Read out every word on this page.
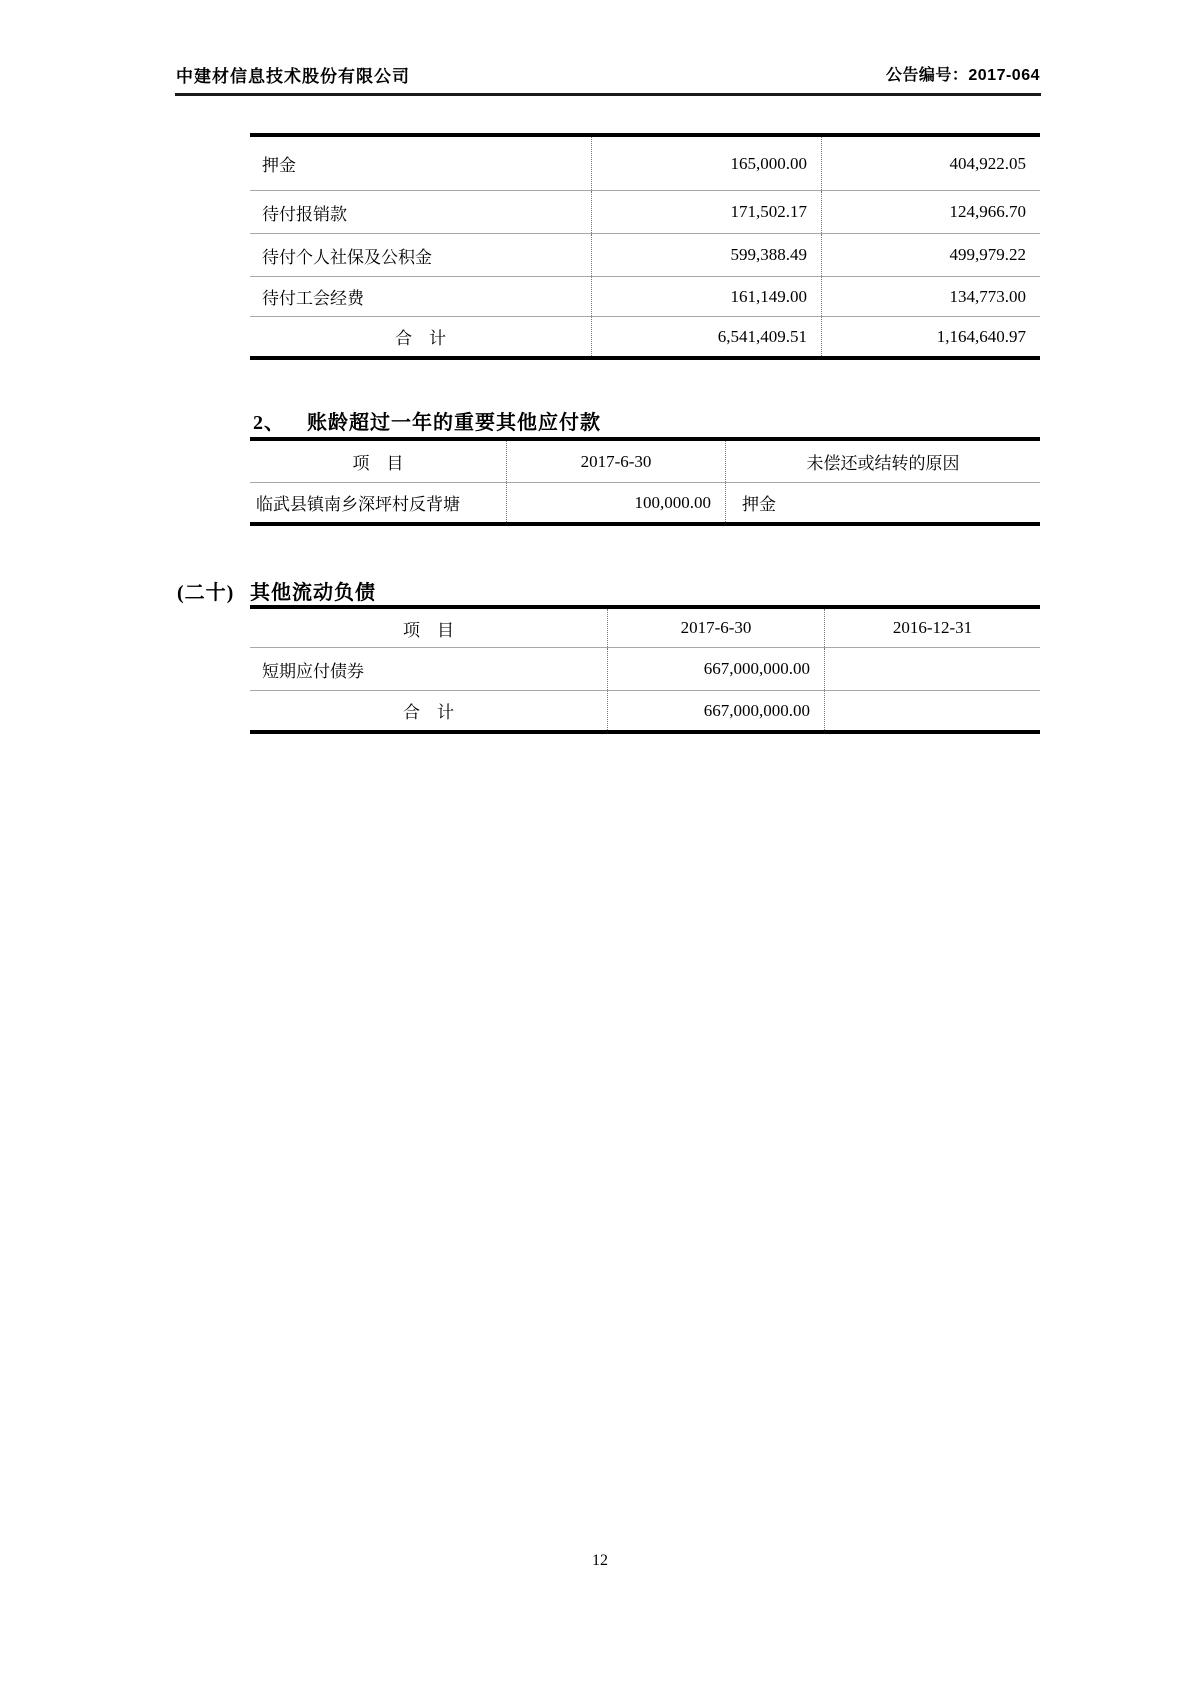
中建材信息技术股份有限公司	公告编号：2017-064
押金	165,000.00	404,922.05
待付报销款	171,502.17	124,966.70
待付个人社保及公积金	599,388.49	499,979.22
待付工会经费	161,149.00	134,773.00
合　计	6,541,409.51	1,164,640.97
2、 账龄超过一年的重要其他应付款
项　目	2017-6-30	未偿还或结转的原因
临武县镇南乡深坪村反背塘	100,000.00	押金
(二十) 其他流动负债
项　目	2017-6-30	2016-12-31
短期应付债券	667,000,000.00
合　计	667,000,000.00
12
